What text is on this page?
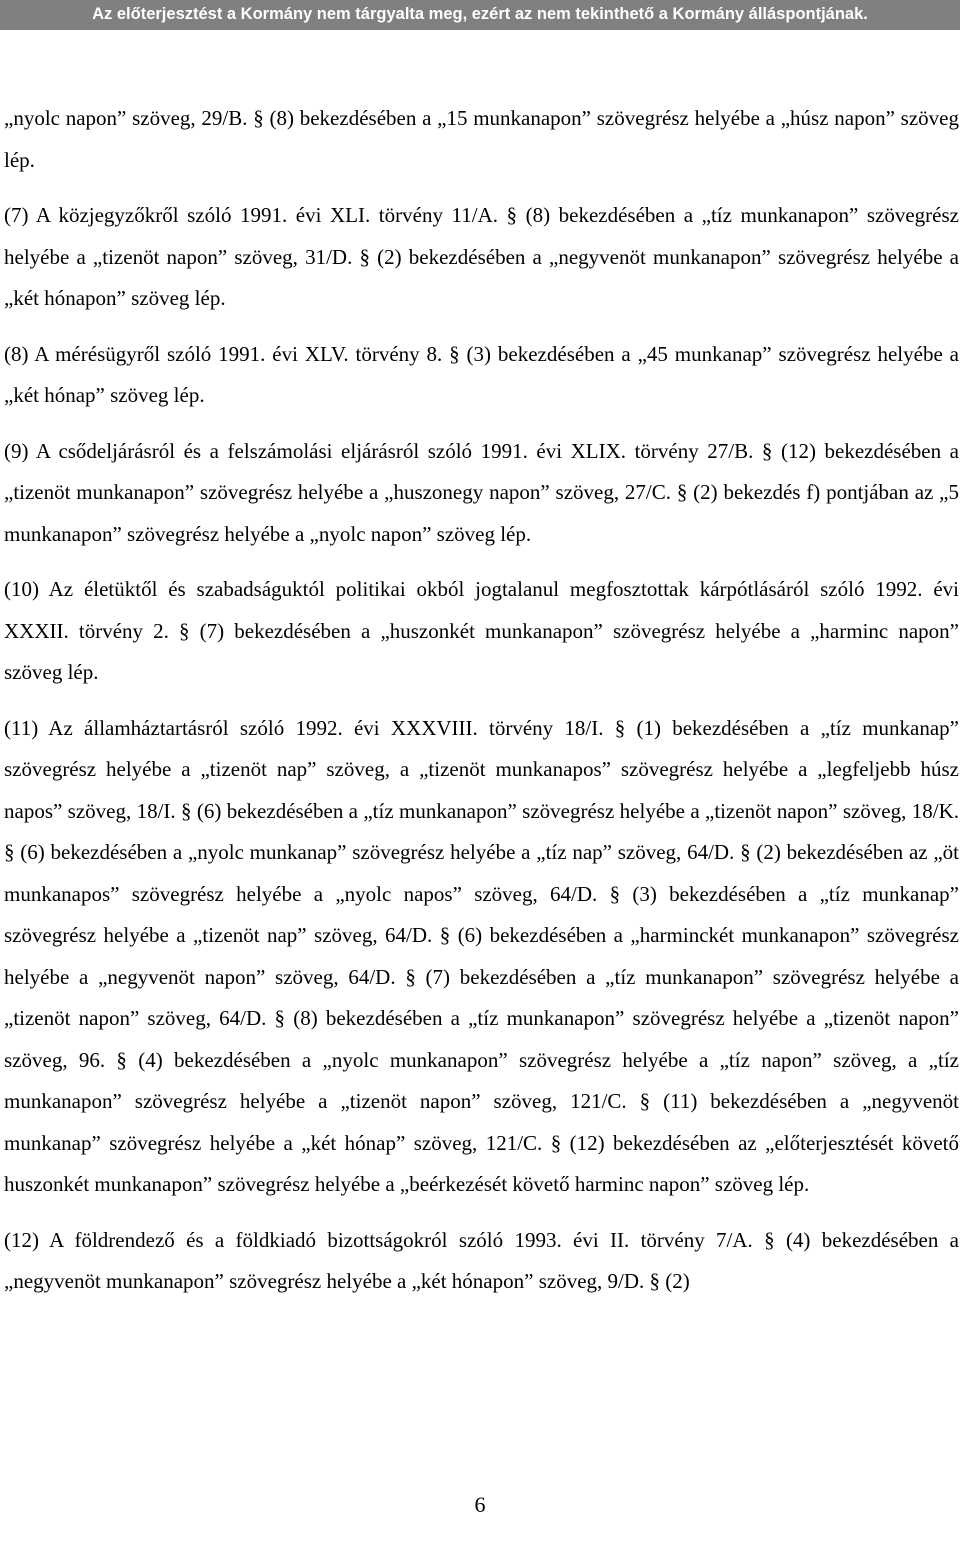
Az előterjesztést a Kormány nem tárgyalta meg, ezért az nem tekinthető a Kormány álláspontjának.

„nyolc napon” szöveg, 29/B. § (8) bekezdésében a „15 munkanapon” szövegrész helyébe a „húsz napon” szöveg lép.

(7) A közjegyzőkről szóló 1991. évi XLI. törvény 11/A. § (8) bekezdésében a „tíz munkanapon” szövegrész helyébe a „tizenöt napon” szöveg, 31/D. § (2) bekezdésében a „negyvenöt munkanapon” szövegrész helyébe a „két hónapon” szöveg lép.

(8) A mérésügyről szóló 1991. évi XLV. törvény 8. § (3) bekezdésében a „45 munkanap” szövegrész helyébe a „két hónap” szöveg lép.

(9) A csődeljárásról és a felszámolási eljárásról szóló 1991. évi XLIX. törvény 27/B. § (12) bekezdésében a „tizenöt munkanapon” szövegrész helyébe a „huszonegy napon” szöveg, 27/C. § (2) bekezdés f) pontjában az „5 munkanapon” szövegrész helyébe a „nyolc napon” szöveg lép.

(10) Az életüktől és szabadságuktól politikai okból jogtalanul megfosztottak kárpótlásáról szóló 1992. évi XXXII. törvény 2. § (7) bekezdésében a „huszonkét munkanapon” szövegrész helyébe a „harminc napon” szöveg lép.

(11) Az államháztartásról szóló 1992. évi XXXVIII. törvény 18/I. § (1) bekezdésében a „tíz munkanap” szövegrész helyébe a „tizenöt nap” szöveg, a „tizenöt munkanapos” szövegrész helyébe a „legfeljebb húsz napos” szöveg, 18/I. § (6) bekezdésében a „tíz munkanapon” szövegrész helyébe a „tizenöt napon” szöveg, 18/K. § (6) bekezdésében a „nyolc munkanap” szövegrész helyébe a „tíz nap” szöveg, 64/D. § (2) bekezdésében az „öt munkanapos” szövegrész helyébe a „nyolc napos” szöveg, 64/D. § (3) bekezdésében a „tíz munkanap” szövegrész helyébe a „tizenöt nap” szöveg, 64/D. § (6) bekezdésében a „harminckét munkanapon” szövegrész helyébe a „negyvenöt napon” szöveg, 64/D. § (7) bekezdésében a „tíz munkanapon” szövegrész helyébe a „tizenöt napon” szöveg, 64/D. § (8) bekezdésében a „tíz munkanapon” szövegrész helyébe a „tizenöt napon” szöveg, 96. § (4) bekezdésében a „nyolc munkanapon” szövegrész helyébe a „tíz napon” szöveg, a „tíz munkanapon” szövegrész helyébe a „tizenöt napon” szöveg, 121/C. § (11) bekezdésében a „negyvenöt munkanap” szövegrész helyébe a „két hónap” szöveg, 121/C. § (12) bekezdésében az „előterjesztését követő huszonkét munkanapon” szövegrész helyébe a „beérkezését követő harminc napon” szöveg lép.

(12) A földrendező és a földkiadó bizottságokról szóló 1993. évi II. törvény 7/A. § (4) bekezdésében a „negyvenöt munkanapon” szövegrész helyébe a „két hónapon” szöveg, 9/D. § (2)

6
